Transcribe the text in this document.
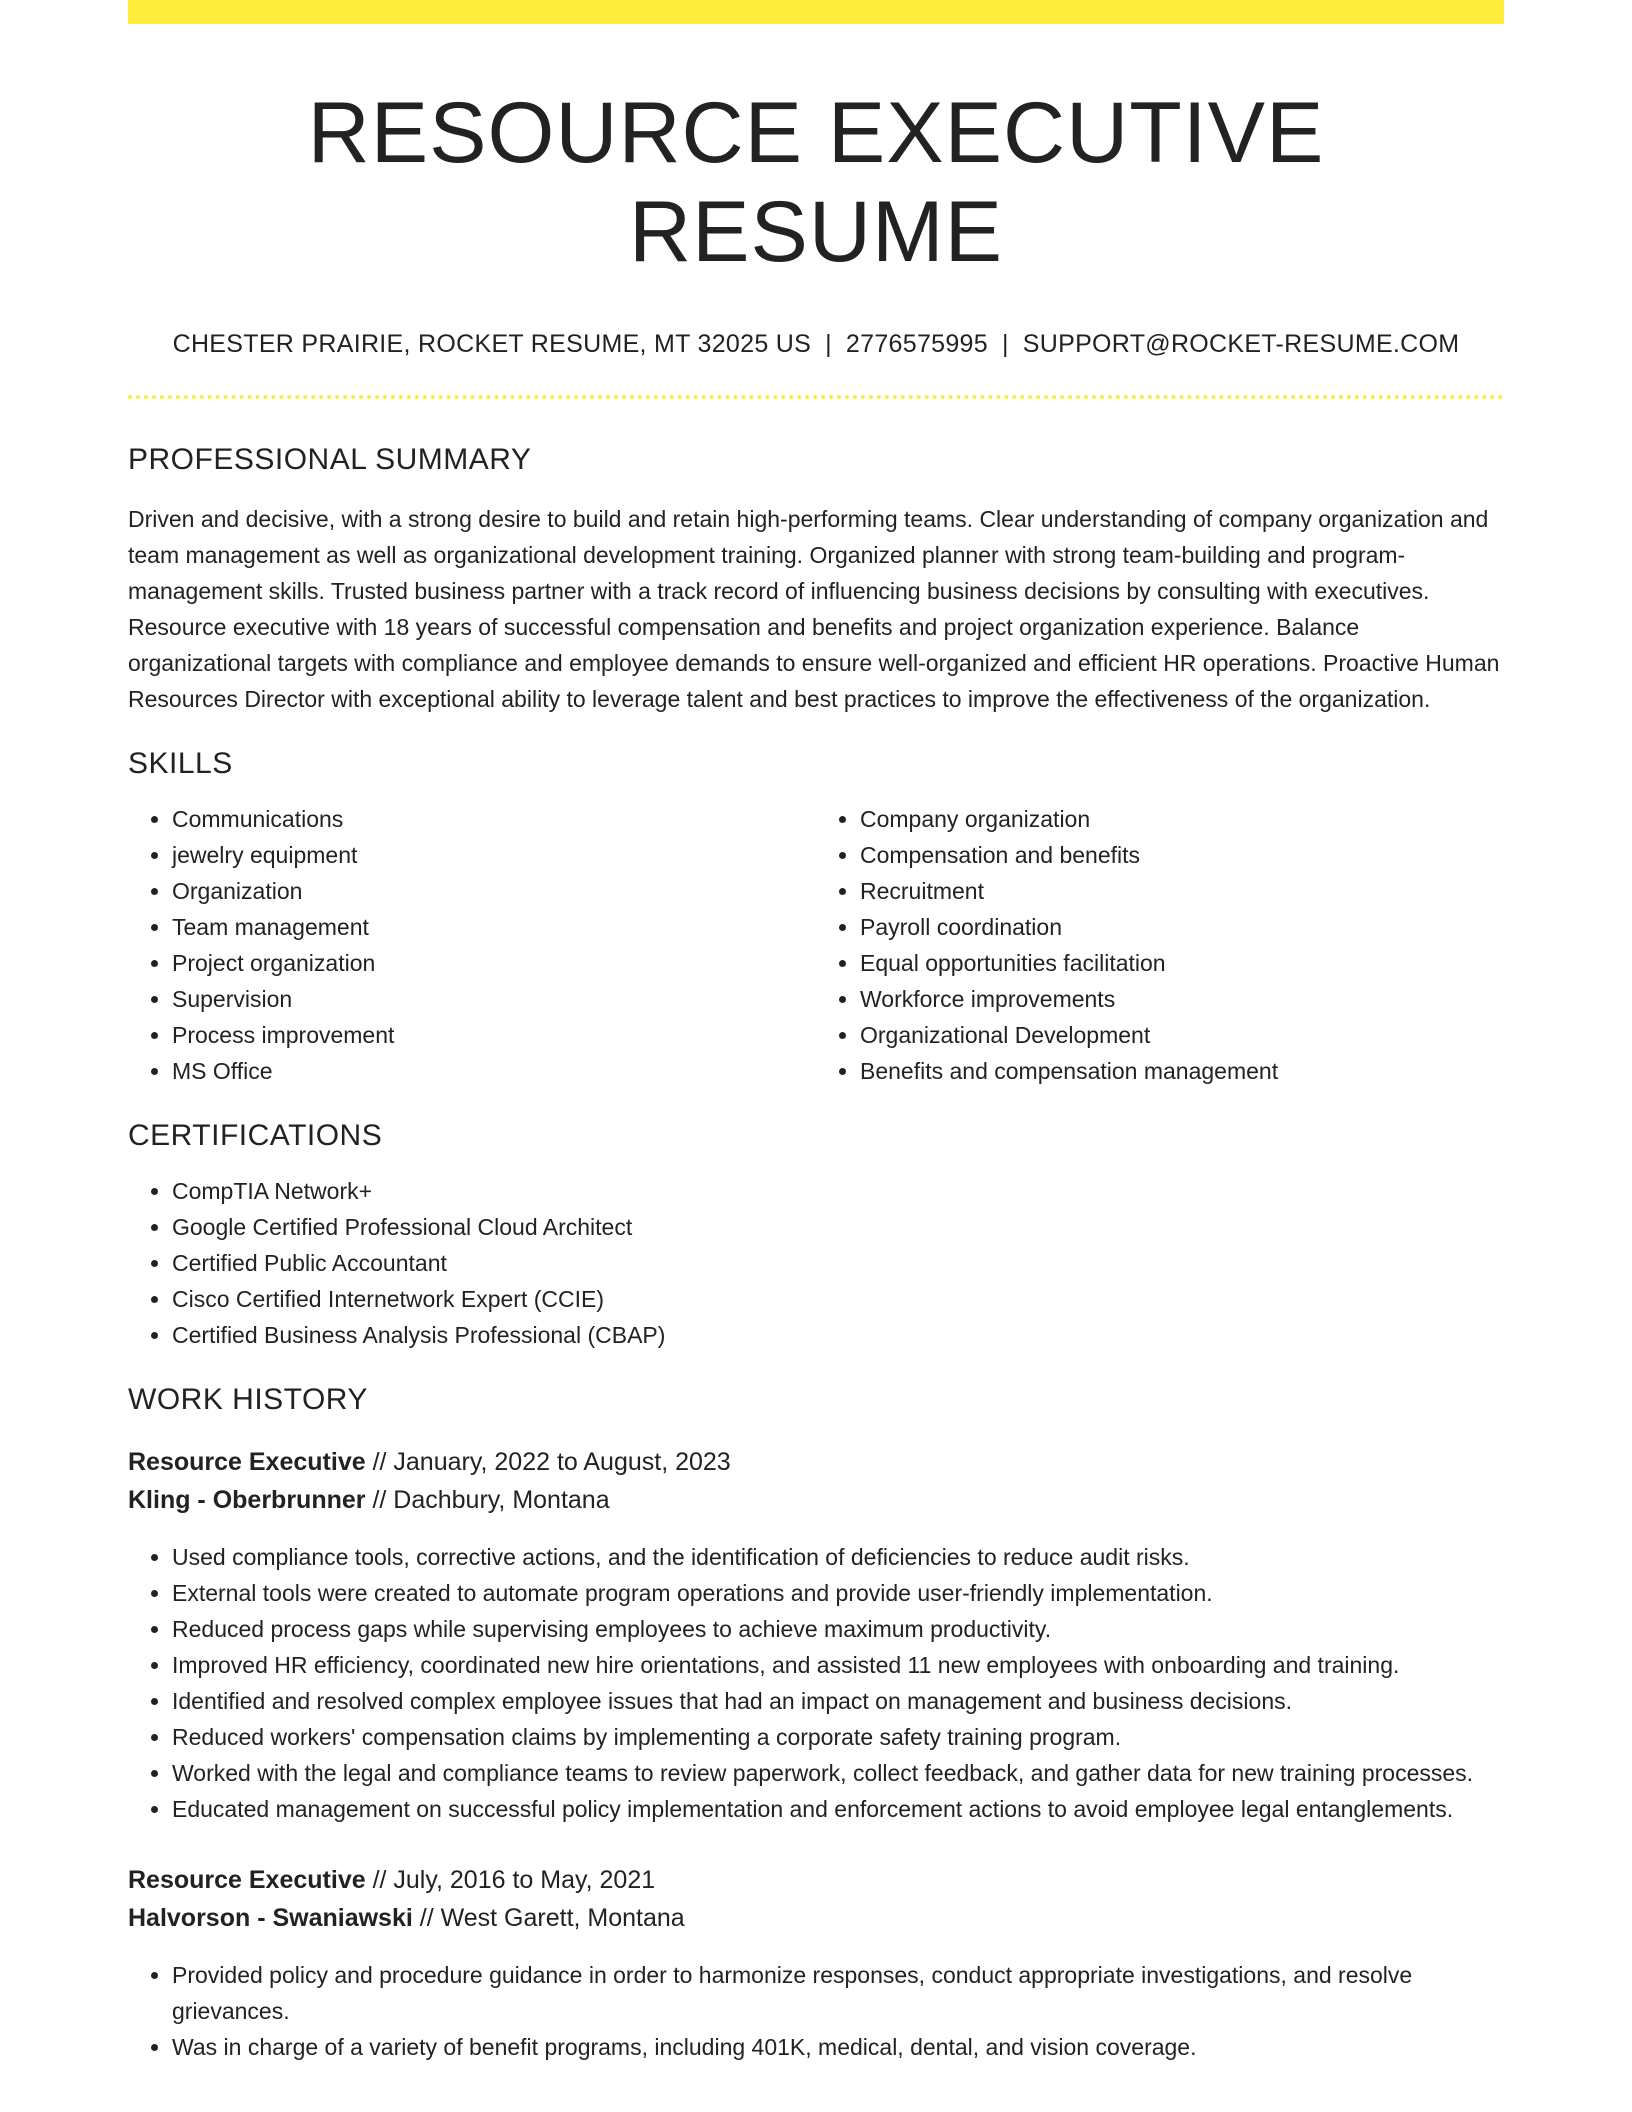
RESOURCE EXECUTIVE RESUME
CHESTER PRAIRIE, ROCKET RESUME, MT 32025 US | 2776575995 | SUPPORT@ROCKET-RESUME.COM
PROFESSIONAL SUMMARY

Driven and decisive, with a strong desire to build and retain high-performing teams. Clear understanding of company organization and team management as well as organizational development training. Organized planner with strong team-building and program-management skills. Trusted business partner with a track record of influencing business decisions by consulting with executives. Resource executive with 18 years of successful compensation and benefits and project organization experience. Balance organizational targets with compliance and employee demands to ensure well-organized and efficient HR operations. Proactive Human Resources Director with exceptional ability to leverage talent and best practices to improve the effectiveness of the organization.

SKILLS
• Communications
• jewelry equipment
• Organization
• Team management
• Project organization
• Supervision
• Process improvement
• MS Office
• Company organization
• Compensation and benefits
• Recruitment
• Payroll coordination
• Equal opportunities facilitation
• Workforce improvements
• Organizational Development
• Benefits and compensation management
CERTIFICATIONS
• CompTIA Network+
• Google Certified Professional Cloud Architect
• Certified Public Accountant
• Cisco Certified Internetwork Expert (CCIE)
• Certified Business Analysis Professional (CBAP)
WORK HISTORY
Resource Executive // January, 2022 to August, 2023
Kling - Oberbrunner // Dachbury, Montana
• Used compliance tools, corrective actions, and the identification of deficiencies to reduce audit risks.
• External tools were created to automate program operations and provide user-friendly implementation.
• Reduced process gaps while supervising employees to achieve maximum productivity.
• Improved HR efficiency, coordinated new hire orientations, and assisted 11 new employees with onboarding and training.
• Identified and resolved complex employee issues that had an impact on management and business decisions.
• Reduced workers' compensation claims by implementing a corporate safety training program.
• Worked with the legal and compliance teams to review paperwork, collect feedback, and gather data for new training processes.
• Educated management on successful policy implementation and enforcement actions to avoid employee legal entanglements.
Resource Executive // July, 2016 to May, 2021
Halvorson - Swaniawski // West Garett, Montana
• Provided policy and procedure guidance in order to harmonize responses, conduct appropriate investigations, and resolve grievances.
• Was in charge of a variety of benefit programs, including 401K, medical, dental, and vision coverage.
